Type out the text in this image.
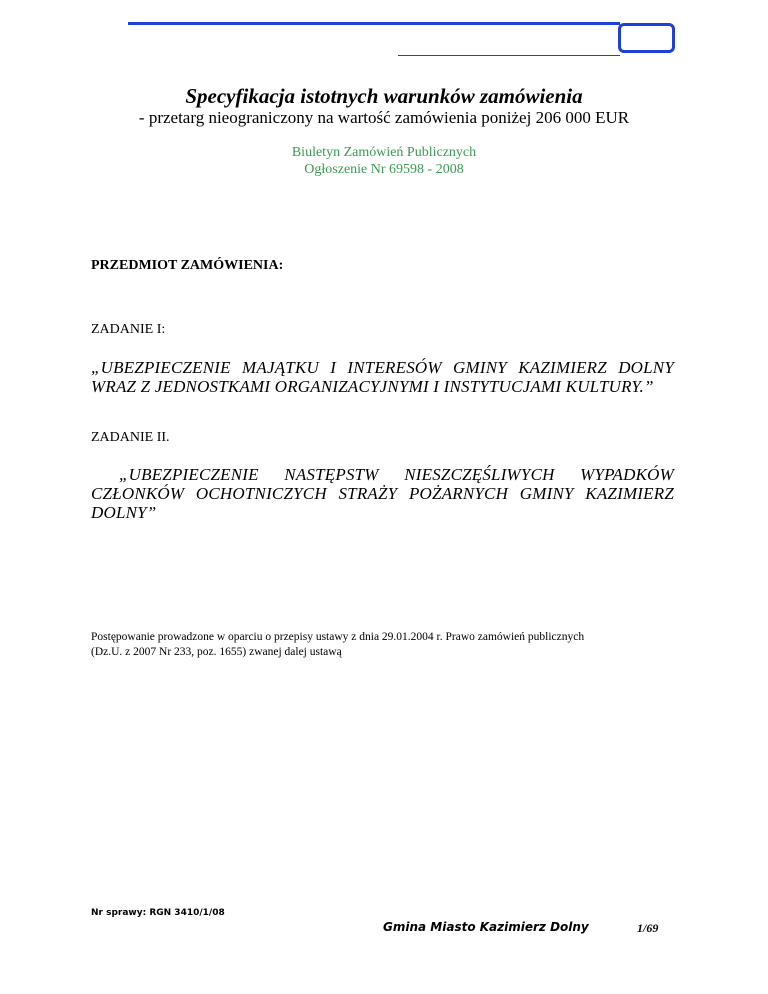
Specyfikacja istotnych warunków zamówienia

- przetarg nieograniczony na wartość zamówienia poniżej 206 000 EUR

Biuletyn Zamówień Publicznych
Ogłoszenie Nr 69598 - 2008
PRZEDMIOT ZAMÓWIENIA:
ZADANIE I:
„UBEZPIECZENIE MAJĄTKU I INTERESÓW GMINY KAZIMIERZ DOLNY WRAZ Z JEDNOSTKAMI ORGANIZACYJNYMI I INSTYTUCJAMI KULTURY.”
ZADANIE II.
„UBEZPIECZENIE NASTĘPSTW NIESZCZĘŚLIWYCH WYPADKÓW CZŁONKÓW OCHOTNICZYCH STRAŻY POŻARNYCH GMINY KAZIMIERZ DOLNY”
Postępowanie prowadzone w oparciu o przepisy ustawy z dnia 29.01.2004 r. Prawo zamówień publicznych
(Dz.U. z 2007 Nr 233, poz. 1655) zwanej dalej ustawą
Nr sprawy: RGN 3410/1/08
Gmina Miasto Kazimierz Dolny	1/69
